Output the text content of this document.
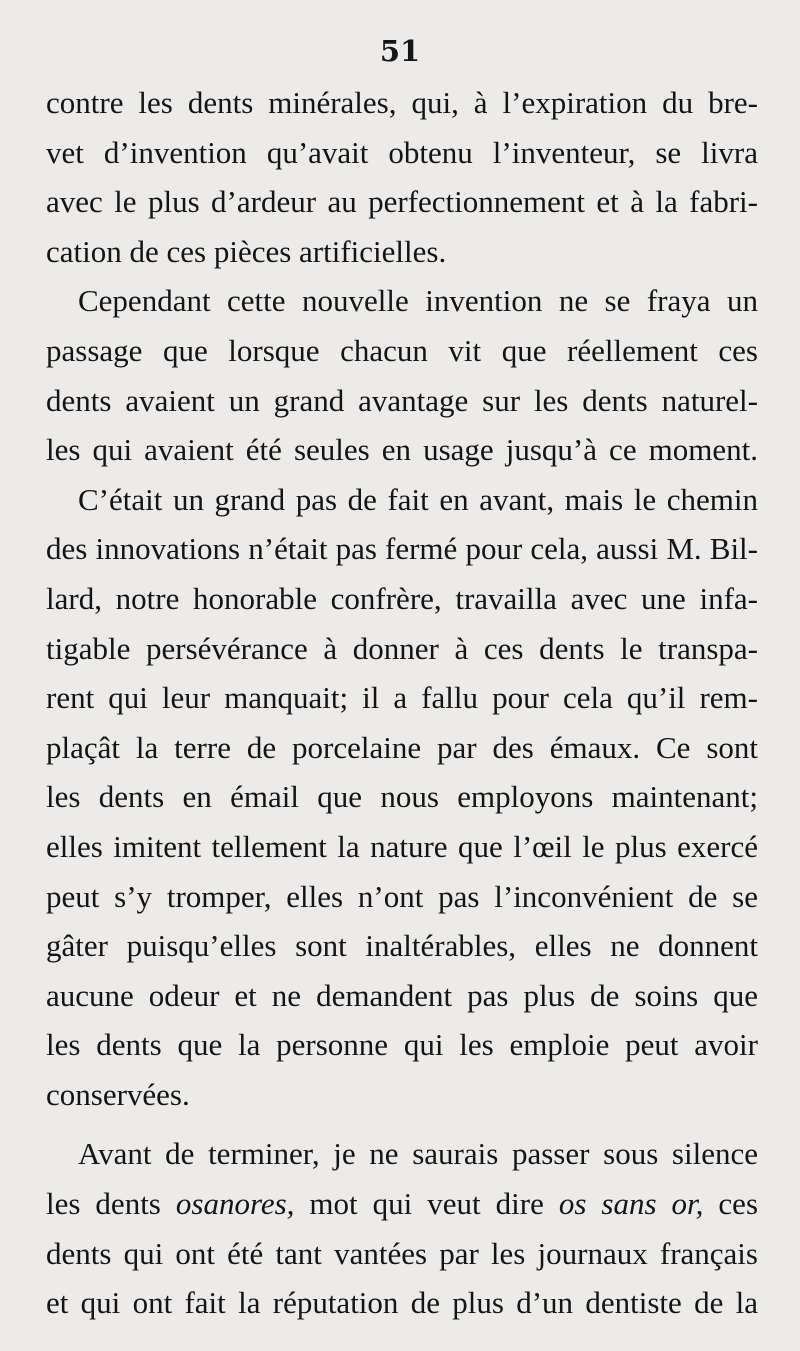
51
contre les dents minérales, qui, à l’expiration du bre-
vet d’invention qu’avait obtenu l’inventeur, se livra
avec le plus d’ardeur au perfectionnement et à la fabri-
cation de ces pièces artificielles.
Cependant cette nouvelle invention ne se fraya un
passage que lorsque chacun vit que réellement ces
dents avaient un grand avantage sur les dents naturel-
les qui avaient été seules en usage jusqu’à ce moment.
C’était un grand pas de fait en avant, mais le chemin
des innovations n’était pas fermé pour cela, aussi M. Bil-
lard, notre honorable confrère, travailla avec une infa-
tigable persévérance à donner à ces dents le transpa-
rent qui leur manquait; il a fallu pour cela qu’il rem-
plaçât la terre de porcelaine par des émaux. Ce sont
les dents en émail que nous employons maintenant;
elles imitent tellement la nature que l’œil le plus exercé
peut s’y tromper, elles n’ont pas l’inconvénient de se
gâter puisqu’elles sont inaltérables, elles ne donnent
aucune odeur et ne demandent pas plus de soins que
les dents que la personne qui les emploie peut avoir
conservées.
Avant de terminer, je ne saurais passer sous silence
les dents osanores, mot qui veut dire os sans or, ces
dents qui ont été tant vantées par les journaux français
et qui ont fait la réputation de plus d’un dentiste de la
